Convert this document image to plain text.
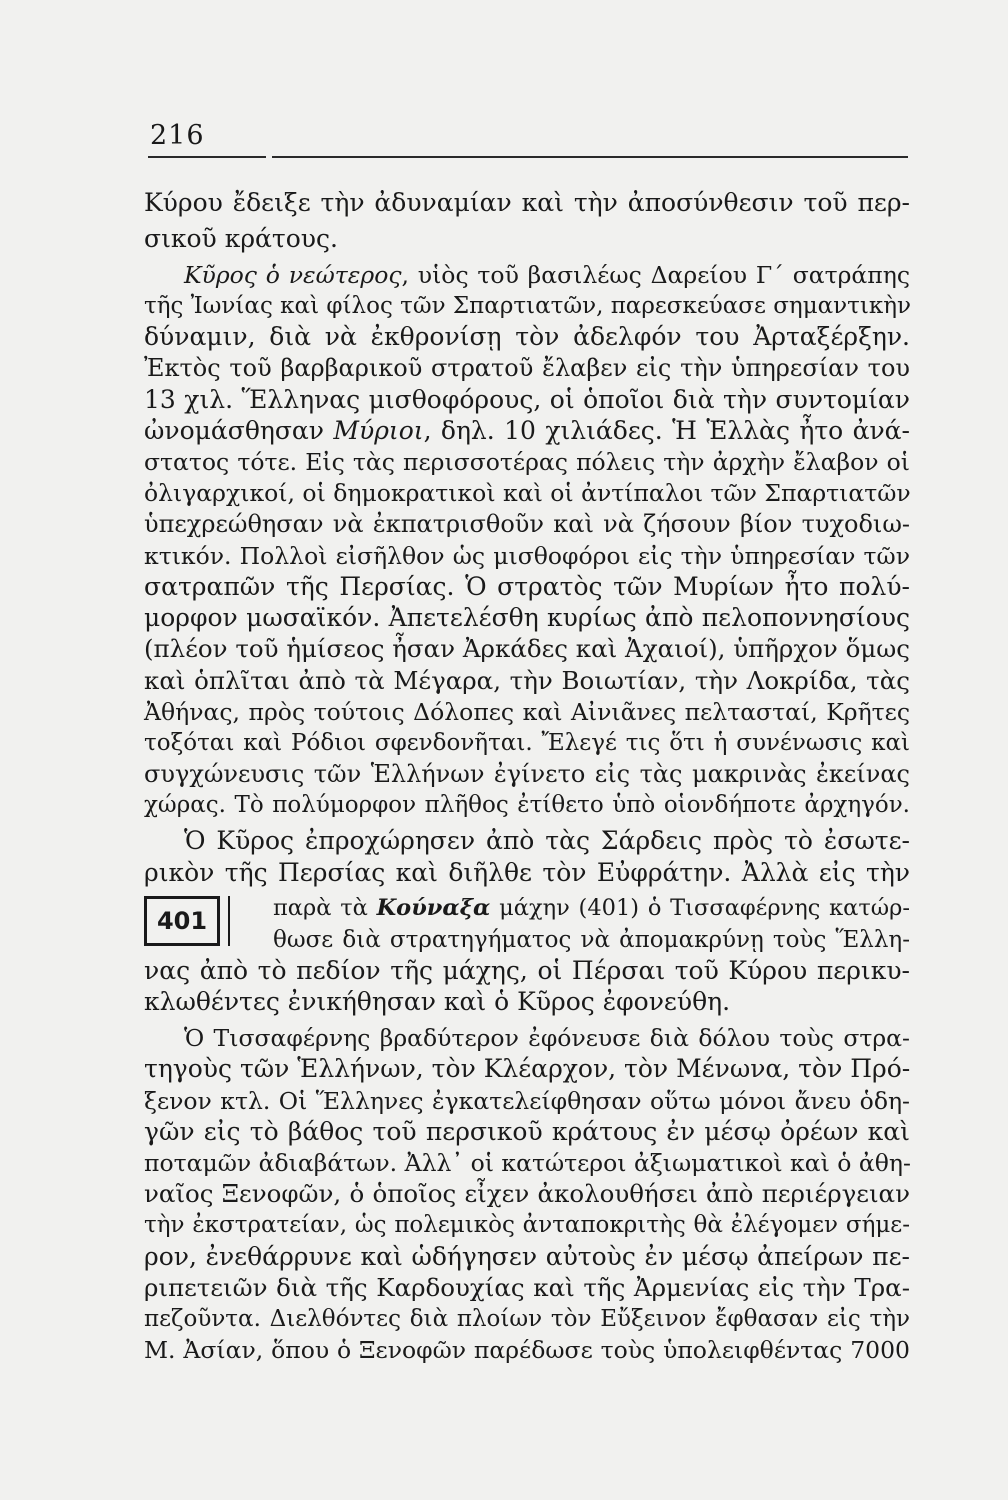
216
Κύρου ἔδειξε τὴν ἀδυναμίαν καὶ τὴν ἀποσύνθεσιν τοῦ περ-
σικοῦ κράτους.
Κῦρος ὁ νεώτερος, υἱὸς τοῦ βασιλέως Δαρείου Γ΄ σατράπης
τῆς Ἰωνίας καὶ φίλος τῶν Σπαρτιατῶν, παρεσκεύασε σημαντικὴν
δύναμιν, διὰ νὰ ἐκθρονίσῃ τὸν ἀδελφόν του Ἀρταξέρξην.
Ἐκτὸς τοῦ βαρβαρικοῦ στρατοῦ ἔλαβεν εἰς τὴν ὑπηρεσίαν του
13 χιλ. Ἕλληνας μισθοφόρους, οἱ ὁποῖοι διὰ τὴν συντομίαν
ὠνομάσθησαν Μύριοι, δηλ. 10 χιλιάδες. Ἡ Ἑλλὰς ἦτο ἀνά-
στατος τότε. Εἰς τὰς περισσοτέρας πόλεις τὴν ἀρχὴν ἔλαβον οἱ
ὀλιγαρχικοί, οἱ δημοκρατικοὶ καὶ οἱ ἀντίπαλοι τῶν Σπαρτιατῶν
ὑπεχρεώθησαν νὰ ἐκπατρισθοῦν καὶ νὰ ζήσουν βίον τυχοδιω-
κτικόν. Πολλοὶ εἰσῆλθον ὡς μισθοφόροι εἰς τὴν ὑπηρεσίαν τῶν
σατραπῶν τῆς Περσίας. Ὁ στρατὸς τῶν Μυρίων ἦτο πολύ-
μορφον μωσαϊκόν. Ἀπετελέσθη κυρίως ἀπὸ πελοποννησίους
(πλέον τοῦ ἡμίσεος ἦσαν Ἀρκάδες καὶ Ἀχαιοί), ὑπῆρχον ὅμως
καὶ ὁπλῖται ἀπὸ τὰ Μέγαρα, τὴν Βοιωτίαν, τὴν Λοκρίδα, τὰς
Ἀθήνας, πρὸς τούτοις Δόλοπες καὶ Αἰνιᾶνες πελτασταί, Κρῆτες
τοξόται καὶ Ρόδιοι σφενδονῆται. Ἔλεγέ τις ὅτι ἡ συνένωσις καὶ
συγχώνευσις τῶν Ἑλλήνων ἐγίνετο εἰς τὰς μακρινὰς ἐκείνας
χώρας. Τὸ πολύμορφον πλῆθος ἐτίθετο ὑπὸ οἱονδήποτε ἀρχηγόν.
Ὁ Κῦρος ἐπροχώρησεν ἀπὸ τὰς Σάρδεις πρὸς τὸ ἐσωτε-
ρικὸν τῆς Περσίας καὶ διῆλθε τὸν Εὐφράτην. Ἀλλὰ εἰς τὴν
401	παρὰ τὰ Κούναξα μάχην (401) ὁ Τισσαφέρνης κατώρ-
θωσε διὰ στρατηγήματος νὰ ἀπομακρύνῃ τοὺς Ἕλλη-
νας ἀπὸ τὸ πεδίον τῆς μάχης, οἱ Πέρσαι τοῦ Κύρου περικυ-
κλωθέντες ἐνικήθησαν καὶ ὁ Κῦρος ἐφονεύθη.
Ὁ Τισσαφέρνης βραδύτερον ἐφόνευσε διὰ δόλου τοὺς στρα-
τηγοὺς τῶν Ἑλλήνων, τὸν Κλέαρχον, τὸν Μένωνα, τὸν Πρό-
ξενον κτλ. Οἱ Ἕλληνες ἐγκατελείφθησαν οὕτω μόνοι ἄνευ ὁδη-
γῶν εἰς τὸ βάθος τοῦ περσικοῦ κράτους ἐν μέσῳ ὀρέων καὶ
ποταμῶν ἀδιαβάτων. Ἀλλ᾿ οἱ κατώτεροι ἀξιωματικοὶ καὶ ὁ ἀθη-
ναῖος Ξενοφῶν, ὁ ὁποῖος εἶχεν ἀκολουθήσει ἀπὸ περιέργειαν
τὴν ἐκστρατείαν, ὡς πολεμικὸς ἀνταποκριτὴς θὰ ἐλέγομεν σήμε-
ρον, ἐνεθάρρυνε καὶ ὡδήγησεν αὐτοὺς ἐν μέσῳ ἀπείρων πε-
ριπετειῶν διὰ τῆς Καρδουχίας καὶ τῆς Ἀρμενίας εἰς τὴν Τρα-
πεζοῦντα. Διελθόντες διὰ πλοίων τὸν Εὔξεινον ἔφθασαν εἰς τὴν
Μ. Ἀσίαν, ὅπου ὁ Ξενοφῶν παρέδωσε τοὺς ὑπολειφθέντας 7000
